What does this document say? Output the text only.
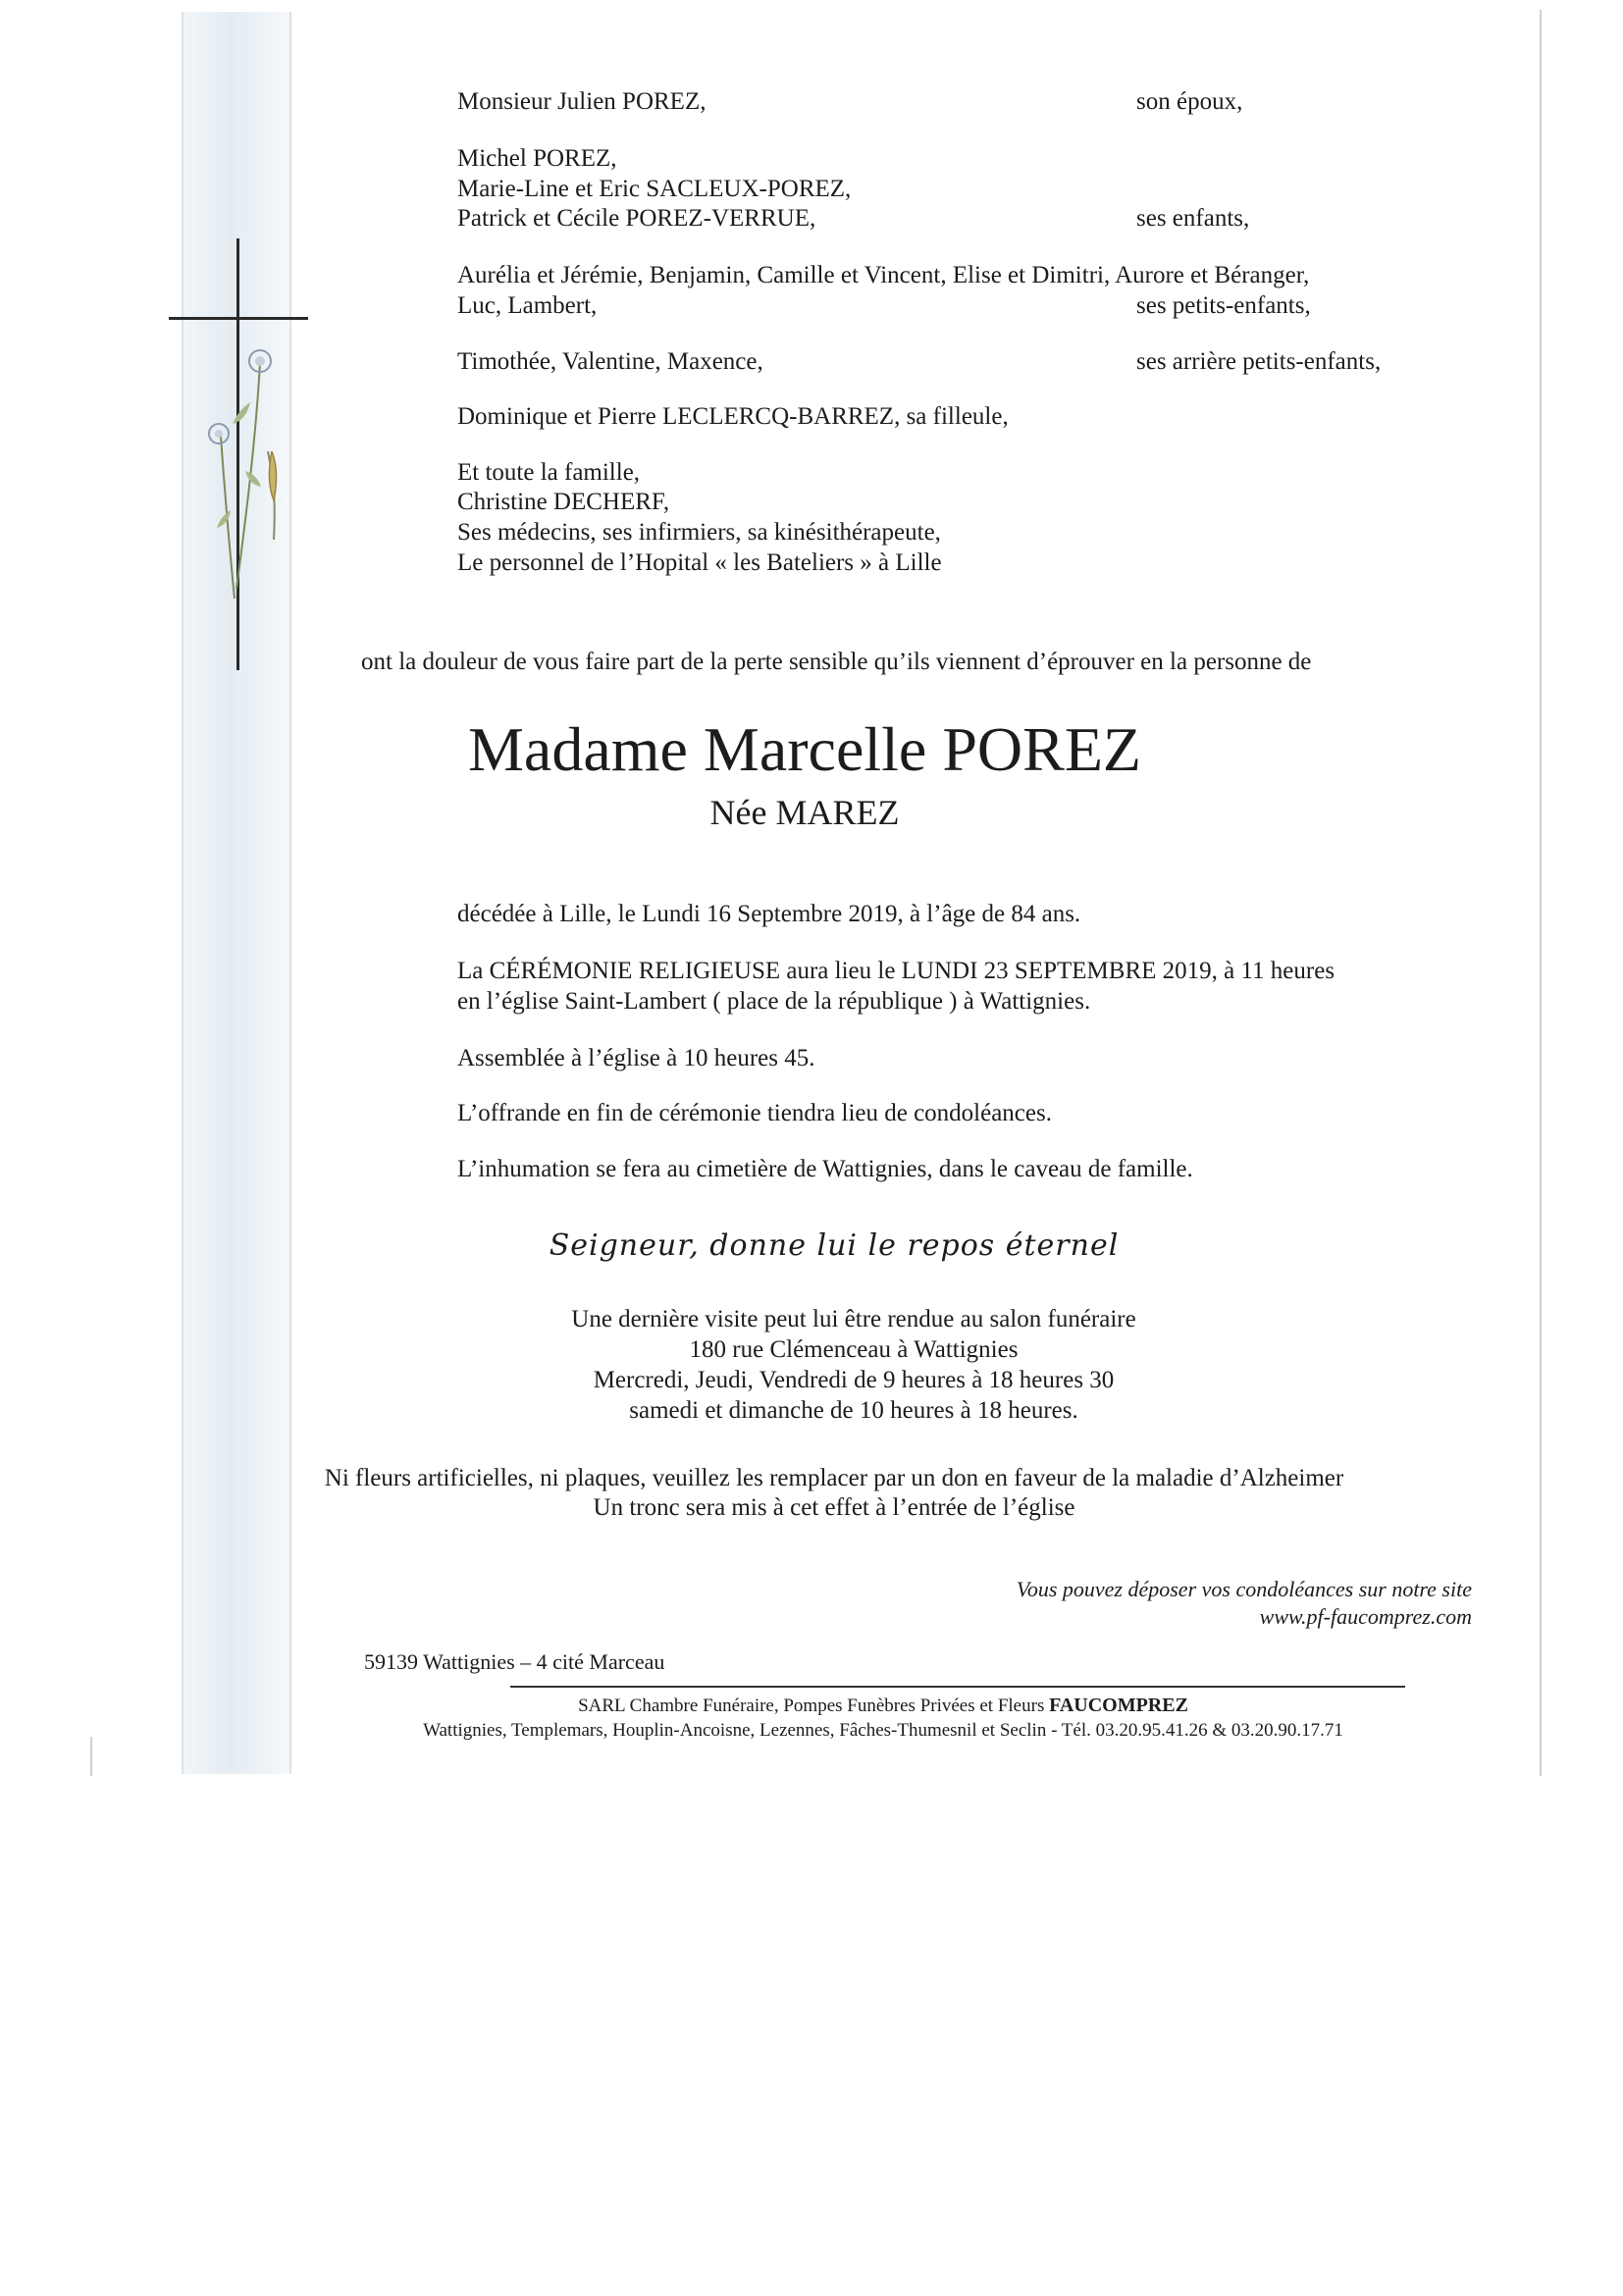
Monsieur Julien POREZ,	son époux,
Michel POREZ,
Marie-Line et Eric SACLEUX-POREZ,
Patrick et Cécile POREZ-VERRUE,	ses enfants,
Aurélia et Jérémie, Benjamin, Camille et Vincent, Elise et Dimitri, Aurore et Béranger,
Luc, Lambert,	ses petits-enfants,
Timothée, Valentine, Maxence,	ses arrière petits-enfants,
Dominique et Pierre LECLERCQ-BARREZ, sa filleule,
Et toute la famille,
Christine DECHERF,
Ses médecins, ses infirmiers, sa kinésithérapeute,
Le personnel de l’Hopital « les Bateliers » à Lille
ont la douleur de vous faire part de la perte sensible qu’ils viennent d’éprouver en la personne de
Madame Marcelle POREZ
Née MAREZ
décédée à Lille, le Lundi 16 Septembre 2019, à l’âge de 84 ans.
La CÉRÉMONIE RELIGIEUSE aura lieu le LUNDI 23 SEPTEMBRE 2019, à 11 heures
en l’église Saint-Lambert ( place de la république ) à Wattignies.
Assemblée à l’église à 10 heures 45.
L’offrande en fin de cérémonie tiendra lieu de condoléances.
L’inhumation se fera au cimetière de Wattignies, dans le caveau de famille.
Seigneur, donne lui le repos éternel
Une dernière visite peut lui être rendue au salon funéraire
180 rue Clémenceau à Wattignies
Mercredi, Jeudi, Vendredi de 9 heures à 18 heures 30
samedi et dimanche de 10 heures à 18 heures.
Ni fleurs artificielles, ni plaques, veuillez les remplacer par un don en faveur de la maladie d’Alzheimer
Un tronc sera mis à cet effet à l’entrée de l’église
Vous pouvez déposer vos condoléances sur notre site
www.pf-faucomprez.com
59139 Wattignies – 4 cité Marceau
SARL Chambre Funéraire, Pompes Funèbres Privées et Fleurs FAUCOMPREZ
Wattignies, Templemars, Houplin-Ancoisne, Lezennes, Fâches-Thumesnil et Seclin - Tél. 03.20.95.41.26 & 03.20.90.17.71
